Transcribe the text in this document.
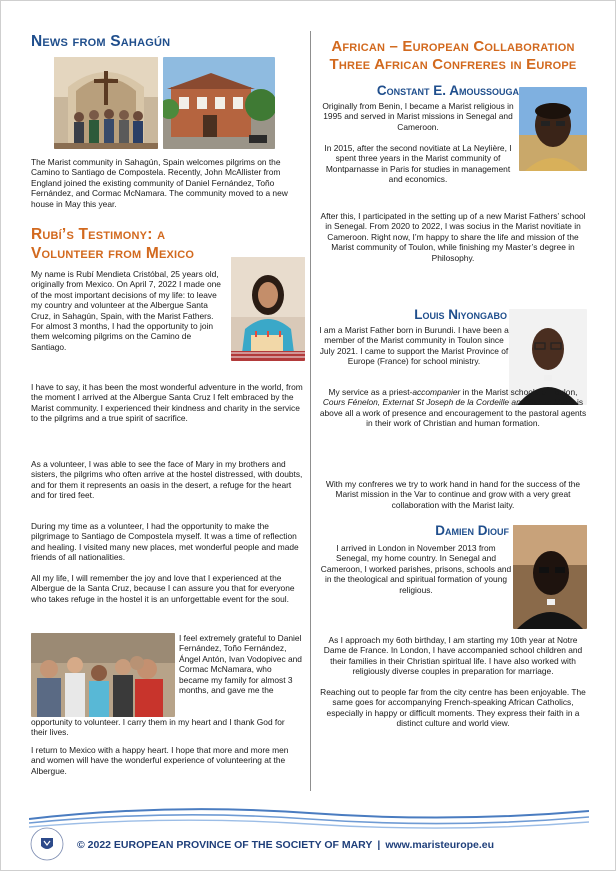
News from Sahagún

The Marist community in Sahagún, Spain welcomes pilgrims on the Camino to Santiago de Compostela. Recently, John McAllister from England joined the existing community of Daniel Fernández, Toño Fernández, and Cormac McNamara. The community moved to a new house in May this year.

Rubí’s Testimony: a
Volunteer from Mexico

My name is Rubí Mendieta Cristóbal, 25 years old, originally from Mexico. On April 7, 2022 I made one of the most important decisions of my life: to leave my country and volunteer at the Albergue Santa Cruz, in Sahagún, Spain, with the Marist Fathers. For almost 3 months, I had the opportunity to join them welcoming pilgrims on the Camino de Santiago.

I have to say, it has been the most wonderful adventure in the world, from the moment I arrived at the Albergue Santa Cruz I felt embraced by the Marist community. I experienced their kindness and charity in the service to the pilgrims and a true spirit of sacrifice.

As a volunteer, I was able to see the face of Mary in my brothers and sisters, the pilgrims who often arrive at the hostel distressed, with doubts, and for them it represents an oasis in the desert, a refuge for the heart and for tired feet.

During my time as a volunteer, I had the opportunity to make the pilgrimage to Santiago de Compostela myself. It was a time of reflection and healing. I visited many new places, met wonderful people and made friends of all nationalities.

All my life, I will remember the joy and love that I experienced at the Albergue de la Santa Cruz, because I can assure you that for everyone who takes refuge in the hostel it is an unforgettable event for the soul.

I feel extremely grateful to Daniel Fernández, Toño Fernández, Ángel Antón, Ivan Vodopivec and Cormac McNamara, who became my family for almost 3 months, and gave me the

opportunity to volunteer. I carry them in my heart and I thank God for their lives.

I return to Mexico with a happy heart. I hope that more and more men and women will have the wonderful experience of volunteering at the Albergue.

African – European Collaboration
Three African Confreres in Europe
Constant E. Amoussouga

Originally from Benin, I became a Marist religious in 1995 and served in Marist missions in Senegal and Cameroon.

In 2015, after the second novitiate at La Neylière, I spent three years in the Marist community of Montparnasse in Paris for studies in management and economics.

After this, I participated in the setting up of a new Marist Fathers’ school in Senegal. From 2020 to 2022, I was socius in the Marist novitiate in Cameroon. Right now, I’m happy to share the life and mission of the Marist community of Toulon, while finishing my Master’s degree in Philosophy.

Louis Niyongabo

I am a Marist Father born in Burundi. I have been a member of the Marist community in Toulon since July 2021. I came to support the Marist Province of Europe (France) for school ministry.

My service as a priest-accompanier in the Marist schools of Toulon, Cours Fénelon, Externat St Joseph de la Cordeille and Sainte Marie is above all a work of presence and encouragement to the pastoral agents in their work of Christian and human formation.

With my confreres we try to work hand in hand for the success of the Marist mission in the Var to continue and grow with a very great collaboration with the Marist laity.

Damien Diouf

I arrived in London in November 2013 from Senegal, my home country. In Senegal and Cameroon, I worked parishes, prisons, schools and in the theological and spiritual formation of young religious.

As I approach my 6oth birthday, I am starting my 10th year at Notre Dame de France. In London, I have accompanied school children and their families in their Christian spiritual life. I have also worked with religiously diverse couples in preparation for marriage.

Reaching out to people far from the city centre has been enjoyable. The same goes for accompanying French-speaking African Catholics, especially in happy or difficult moments. They express their faith in a distinct culture and world view.

© 2022 EUROPEAN PROVINCE OF THE SOCIETY OF MARY | www.maristeurope.eu
